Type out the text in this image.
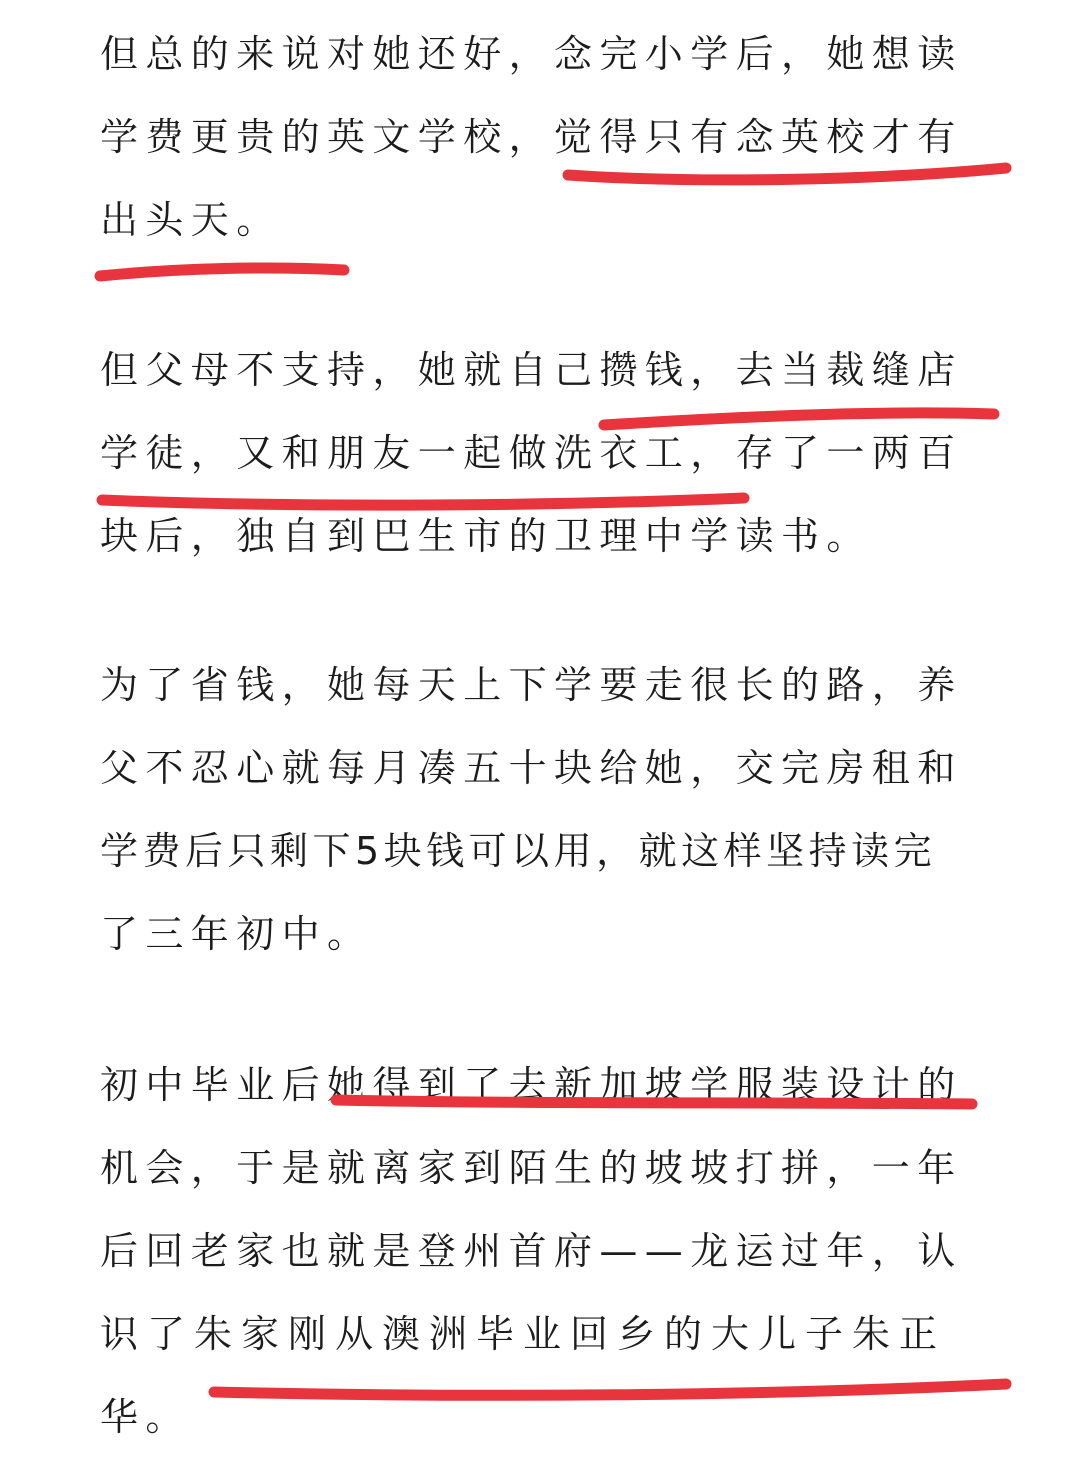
但总的来说对她还好，念完小学后，她想读
学费更贵的英文学校，觉得只有念英校才有
出头天。
但父母不支持，她就自己攒钱，去当裁缝店
学徒，又和朋友一起做洗衣工，存了一两百
块后，独自到巴生市的卫理中学读书。
为了省钱，她每天上下学要走很长的路，养
父不忍心就每月凑五十块给她，交完房租和
学费后只剩下5块钱可以用，就这样坚持读完
了三年初中。
初中毕业后她得到了去新加坡学服装设计的
机会，于是就离家到陌生的坡坡打拼，一年
后回老家也就是登州首府——龙运过年，认
识了朱家刚从澳洲毕业回乡的大儿子朱正
华。
